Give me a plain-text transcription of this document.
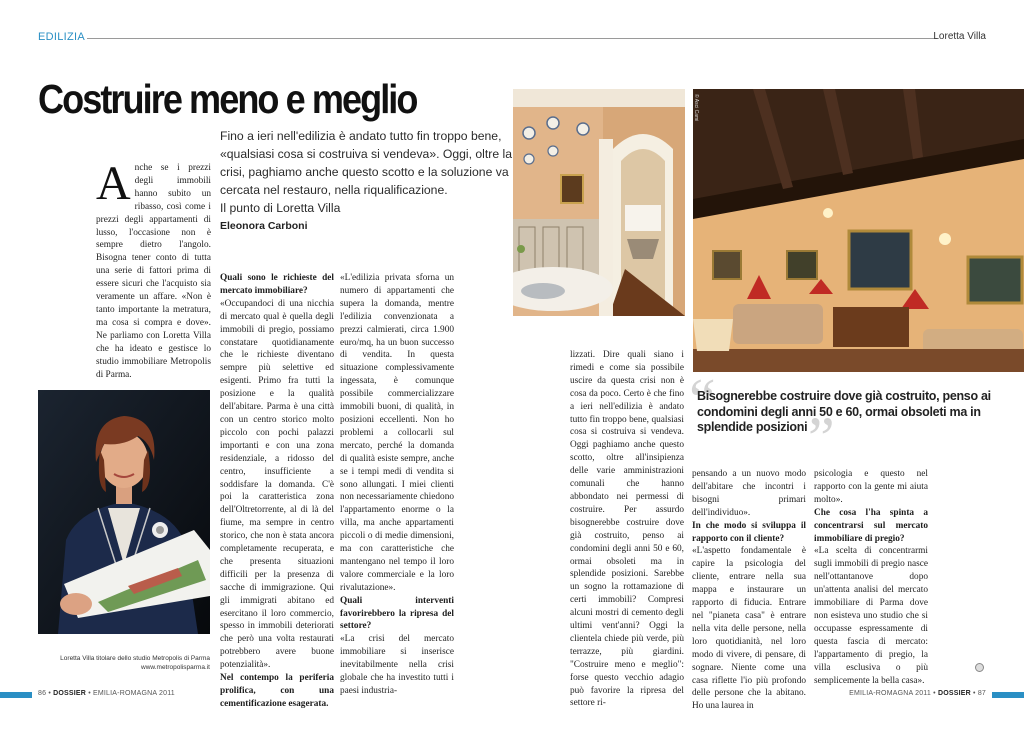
EDILIZIA	Loretta Villa
Costruire meno e meglio
Fino a ieri nell'edilizia è andato tutto fin troppo bene,
«qualsiasi cosa si costruiva si vendeva». Oggi, oltre la
crisi, paghiamo anche questo scotto e la soluzione va
cercata nel restauro, nella riqualificazione.
Il punto di Loretta Villa
Eleonora Carboni
Anche se i prezzi degli immobili hanno subito un ribasso, così come i prezzi degli appartamenti di lusso, l'occasione non è sempre dietro l'angolo. Bisogna tener conto di tutta una serie di fattori prima di essere sicuri che l'acquisto sia veramente un affare. «Non è tanto importante la metratura, ma cosa si compra e dove». Ne parliamo con Loretta Villa che ha ideato e gestisce lo studio immobiliare Metropolis di Parma.
Loretta Villa titolare dello studio Metropolis di Parma
www.metropolisparma.it

Quali sono le richieste del mercato immobiliare?

«Occupandoci di una nicchia di mercato qual è quella degli immobili di pregio, possiamo constatare quotidianamente che le richieste diventano sempre più selettive ed esigenti. Primo fra tutti la posizione e la qualità dell'abitare. Parma è una città con un centro storico molto piccolo con pochi palazzi importanti e con una zona residenziale, a ridosso del centro, insufficiente a soddisfare la domanda. C'è poi la caratteristica zona dell'Oltretorrente, al di là del fiume, ma sempre in centro storico, che non è stata ancora completamente recuperata, e che presenta situazioni difficili per la presenza di sacche di immigrazione. Qui gli immigrati abitano ed esercitano il loro commercio, spesso in immobili deteriorati che però una volta restaurati potrebbero avere buone potenzialità».

Nel contempo la periferia prolifica, con una cementificazione esagerata.

«L'edilizia privata sforna un numero di appartamenti che supera la domanda, mentre l'edilizia convenzionata a prezzi calmierati, circa 1.900 euro/mq, ha un buon successo di vendita. In questa situazione complessivamente ingessata, è comunque possibile commercializzare immobili buoni, di qualità, in posizioni eccellenti. Non ho problemi a collocarli sul mercato, perché la domanda di qualità esiste sempre, anche se i tempi medi di vendita si sono allungati. I miei clienti non necessariamente chiedono l'appartamento enorme o la villa, ma anche appartamenti piccoli o di medie dimensioni, ma con caratteristiche che mantengano nel tempo il loro valore commerciale e la loro rivalutazione».

Quali interventi favorirebbero la ripresa del settore?

«La crisi del mercato immobiliare si inserisce inevitabilmente nella crisi globale che ha investito tutti i paesi industria-

© Asci Cami
“
Bisognerebbe costruire dove già costruito, penso ai condomini degli anni 50 e 60, ormai obsoleti ma in splendide posizioni ”

lizzati. Dire quali siano i rimedi e come sia possibile uscire da questa crisi non è cosa da poco. Certo è che fino a ieri nell'edilizia è andato tutto fin troppo bene, qualsiasi cosa si costruiva si vendeva. Oggi paghiamo anche questo scotto, oltre all'insipienza delle varie amministrazioni comunali che hanno abbondato nei permessi di costruire. Per assurdo bisognerebbe costruire dove già costruito, penso ai condomini degli anni 50 e 60, ormai obsoleti ma in splendide posizioni. Sarebbe un sogno la rottamazione di certi immobili? Compresi alcuni mostri di cemento degli ultimi vent'anni? Oggi la clientela chiede più verde, più terrazze, più giardini. "Costruire meno e meglio": forse questo vecchio adagio può favorire la ripresa del settore ri-

pensando a un nuovo modo dell'abitare che incontri i bisogni primari dell'individuo».

In che modo si sviluppa il rapporto con il cliente?

«L'aspetto fondamentale è capire la psicologia del cliente, entrare nella sua mappa e instaurare un rapporto di fiducia. Entrare nel "pianeta casa" è entrare nella vita delle persone, nella loro quotidianità, nel loro modo di vivere, di pensare, di sognare. Niente come una casa riflette l'io più profondo delle persone che la abitano. Ho una laurea in

psicologia e questo nel rapporto con la gente mi aiuta molto».

Che cosa l'ha spinta a concentrarsi sul mercato immobiliare di pregio?

«La scelta di concentrarmi sugli immobili di pregio nasce nell'ottantanove dopo un'attenta analisi del mercato immobiliare di Parma dove non esisteva uno studio che si occupasse espressamente di questa fascia di mercato: l'appartamento di pregio, la villa esclusiva o più semplicemente la bella casa».

86 • DOSSIER • EMILIA-ROMAGNA 2011	EMILIA-ROMAGNA 2011 • DOSSIER • 87
